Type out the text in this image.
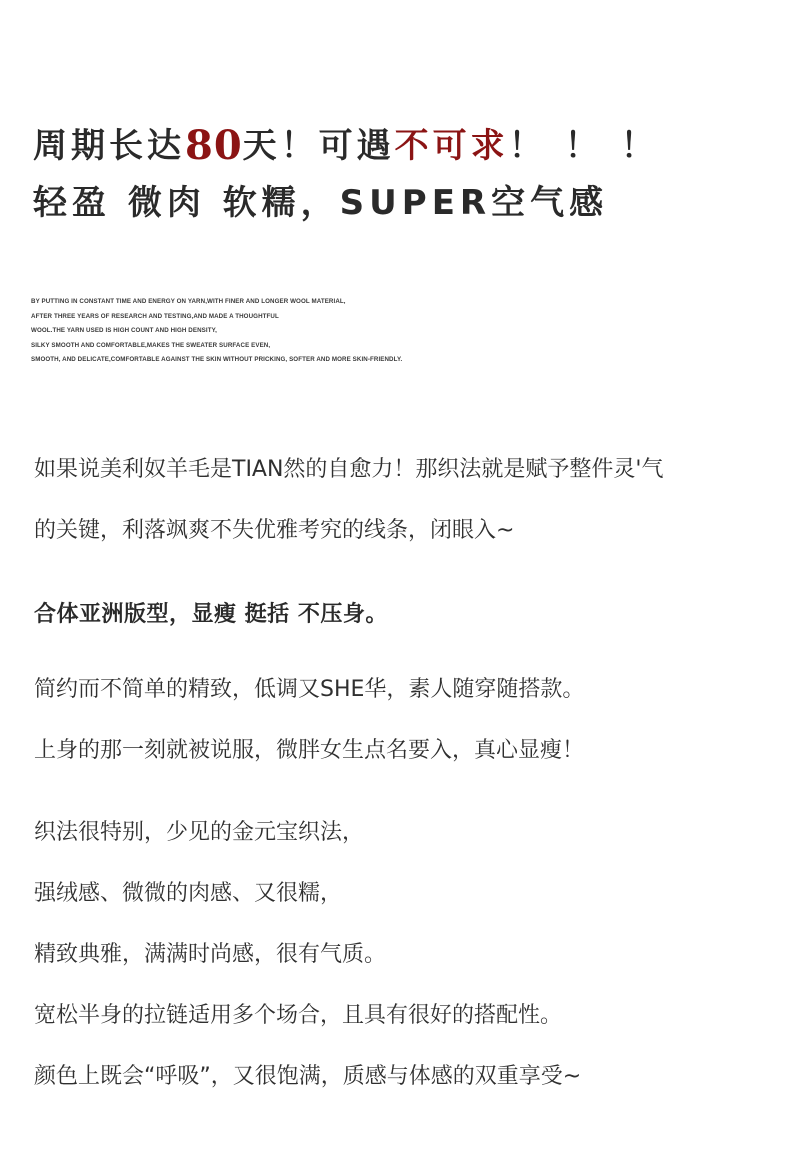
周期长达80天！可遇不可求！！！
轻盈 微肉 软糯，SUPER空气感
BY PUTTING IN CONSTANT TIME AND ENERGY ON YARN,WITH FINER AND LONGER WOOL MATERIAL,
AFTER THREE YEARS OF RESEARCH AND TESTING,AND MADE A THOUGHTFUL
WOOL.THE YARN USED IS HIGH COUNT AND HIGH DENSITY,
SILKY SMOOTH AND COMFORTABLE,MAKES THE SWEATER SURFACE EVEN,
SMOOTH, AND DELICATE,COMFORTABLE AGAINST THE SKIN WITHOUT PRICKING, SOFTER AND MORE SKIN-FRIENDLY.
如果说美利奴羊毛是TIAN然的自愈力！那织法就是赋予整件灵'气
的关键，利落飒爽不失优雅考究的线条，闭眼入~
合体亚洲版型，显瘦 挺括 不压身。
简约而不简单的精致，低调又SHE华，素人随穿随搭款。
上身的那一刻就被说服，微胖女生点名要入，真心显瘦！
织法很特别，少见的金元宝织法，
强绒感、微微的肉感、又很糯，
精致典雅，满满时尚感，很有气质。
宽松半身的拉链适用多个场合，且具有很好的搭配性。
颜色上既会“呼吸”，又很饱满，质感与体感的双重享受~
